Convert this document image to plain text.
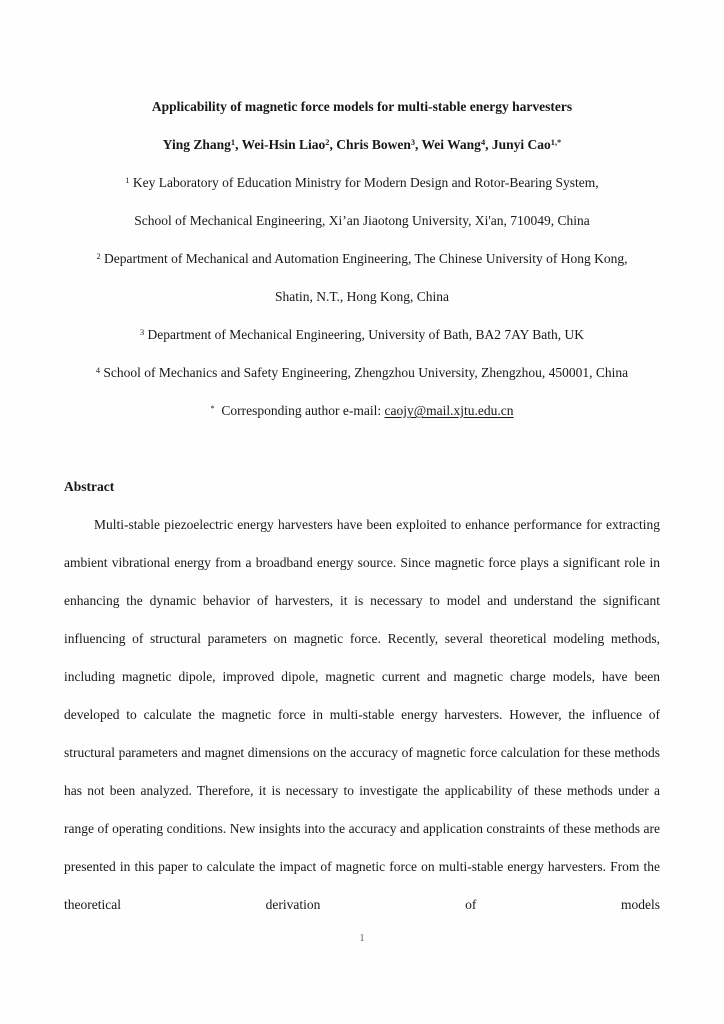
Applicability of magnetic force models for multi-stable energy harvesters

Ying Zhang$^1$, Wei-Hsin Liao$^2$, Chris Bowen$^3$, Wei Wang$^4$, Junyi Cao$^{1,*}$

$^1$ Key Laboratory of Education Ministry for Modern Design and Rotor-Bearing System,

School of Mechanical Engineering, Xi’an Jiaotong University, Xi'an, 710049, China

$^2$ Department of Mechanical and Automation Engineering, The Chinese University of Hong Kong,

Shatin, N.T., Hong Kong, China

$^3$ Department of Mechanical Engineering, University of Bath, BA2 7AY Bath, UK

$^4$ School of Mechanics and Safety Engineering, Zhengzhou University, Zhengzhou, 450001, China

*  Corresponding author e-mail: caojy@mail.xjtu.edu.cn

Abstract

Multi-stable piezoelectric energy harvesters have been exploited to enhance performance for extracting ambient vibrational energy from a broadband energy source. Since magnetic force plays a significant role in enhancing the dynamic behavior of harvesters, it is necessary to model and understand the significant influencing of structural parameters on magnetic force. Recently, several theoretical modeling methods, including magnetic dipole, improved dipole, magnetic current and magnetic charge models, have been developed to calculate the magnetic force in multi-stable energy harvesters. However, the influence of structural parameters and magnet dimensions on the accuracy of magnetic force calculation for these methods has not been analyzed. Therefore, it is necessary to investigate the applicability of these methods under a range of operating conditions. New insights into the accuracy and application constraints of these methods are presented in this paper to calculate the impact of magnetic force on multi-stable energy harvesters. From the theoretical derivation of models

1
